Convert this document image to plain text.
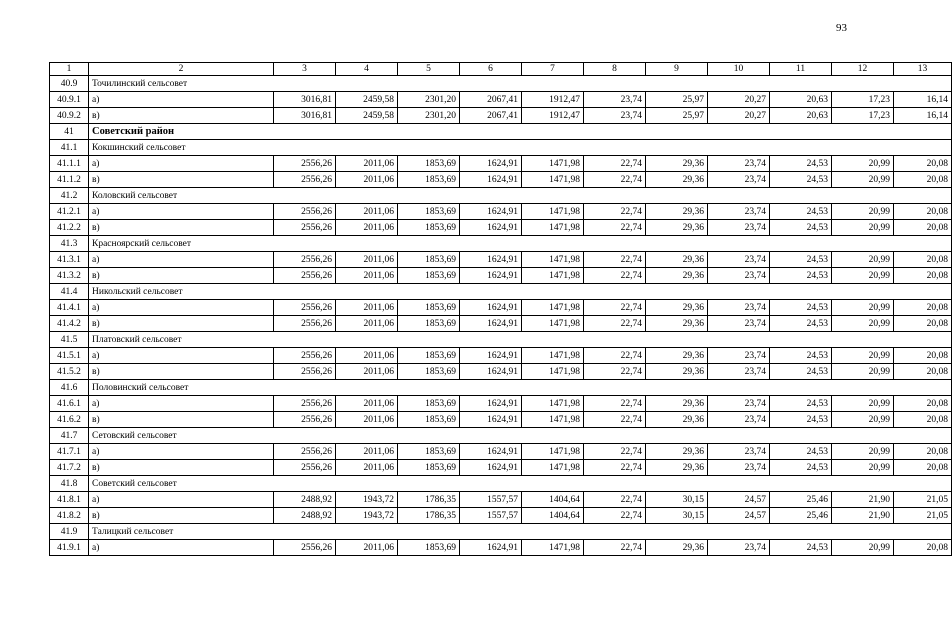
93
1	2	3	4	5	6	7	8	9	10	11	12	13
40.9	Точилинский сельсовет											
40.9.1	а)	3016,81	2459,58	2301,20	2067,41	1912,47	23,74	25,97	20,27	20,63	17,23	16,14
40.9.2	в)	3016,81	2459,58	2301,20	2067,41	1912,47	23,74	25,97	20,27	20,63	17,23	16,14
41	Советский район											
41.1	Кокшинский сельсовет											
41.1.1	а)	2556,26	2011,06	1853,69	1624,91	1471,98	22,74	29,36	23,74	24,53	20,99	20,08
41.1.2	в)	2556,26	2011,06	1853,69	1624,91	1471,98	22,74	29,36	23,74	24,53	20,99	20,08
41.2	Коловский сельсовет											
41.2.1	а)	2556,26	2011,06	1853,69	1624,91	1471,98	22,74	29,36	23,74	24,53	20,99	20,08
41.2.2	в)	2556,26	2011,06	1853,69	1624,91	1471,98	22,74	29,36	23,74	24,53	20,99	20,08
41.3	Красноярский сельсовет											
41.3.1	а)	2556,26	2011,06	1853,69	1624,91	1471,98	22,74	29,36	23,74	24,53	20,99	20,08
41.3.2	в)	2556,26	2011,06	1853,69	1624,91	1471,98	22,74	29,36	23,74	24,53	20,99	20,08
41.4	Никольский сельсовет											
41.4.1	а)	2556,26	2011,06	1853,69	1624,91	1471,98	22,74	29,36	23,74	24,53	20,99	20,08
41.4.2	в)	2556,26	2011,06	1853,69	1624,91	1471,98	22,74	29,36	23,74	24,53	20,99	20,08
41.5	Платовский сельсовет											
41.5.1	а)	2556,26	2011,06	1853,69	1624,91	1471,98	22,74	29,36	23,74	24,53	20,99	20,08
41.5.2	в)	2556,26	2011,06	1853,69	1624,91	1471,98	22,74	29,36	23,74	24,53	20,99	20,08
41.6	Половинский сельсовет											
41.6.1	а)	2556,26	2011,06	1853,69	1624,91	1471,98	22,74	29,36	23,74	24,53	20,99	20,08
41.6.2	в)	2556,26	2011,06	1853,69	1624,91	1471,98	22,74	29,36	23,74	24,53	20,99	20,08
41.7	Сетовский сельсовет											
41.7.1	а)	2556,26	2011,06	1853,69	1624,91	1471,98	22,74	29,36	23,74	24,53	20,99	20,08
41.7.2	в)	2556,26	2011,06	1853,69	1624,91	1471,98	22,74	29,36	23,74	24,53	20,99	20,08
41.8	Советский сельсовет											
41.8.1	а)	2488,92	1943,72	1786,35	1557,57	1404,64	22,74	30,15	24,57	25,46	21,90	21,05
41.8.2	в)	2488,92	1943,72	1786,35	1557,57	1404,64	22,74	30,15	24,57	25,46	21,90	21,05
41.9	Талицкий сельсовет											
41.9.1	а)	2556,26	2011,06	1853,69	1624,91	1471,98	22,74	29,36	23,74	24,53	20,99	20,08
